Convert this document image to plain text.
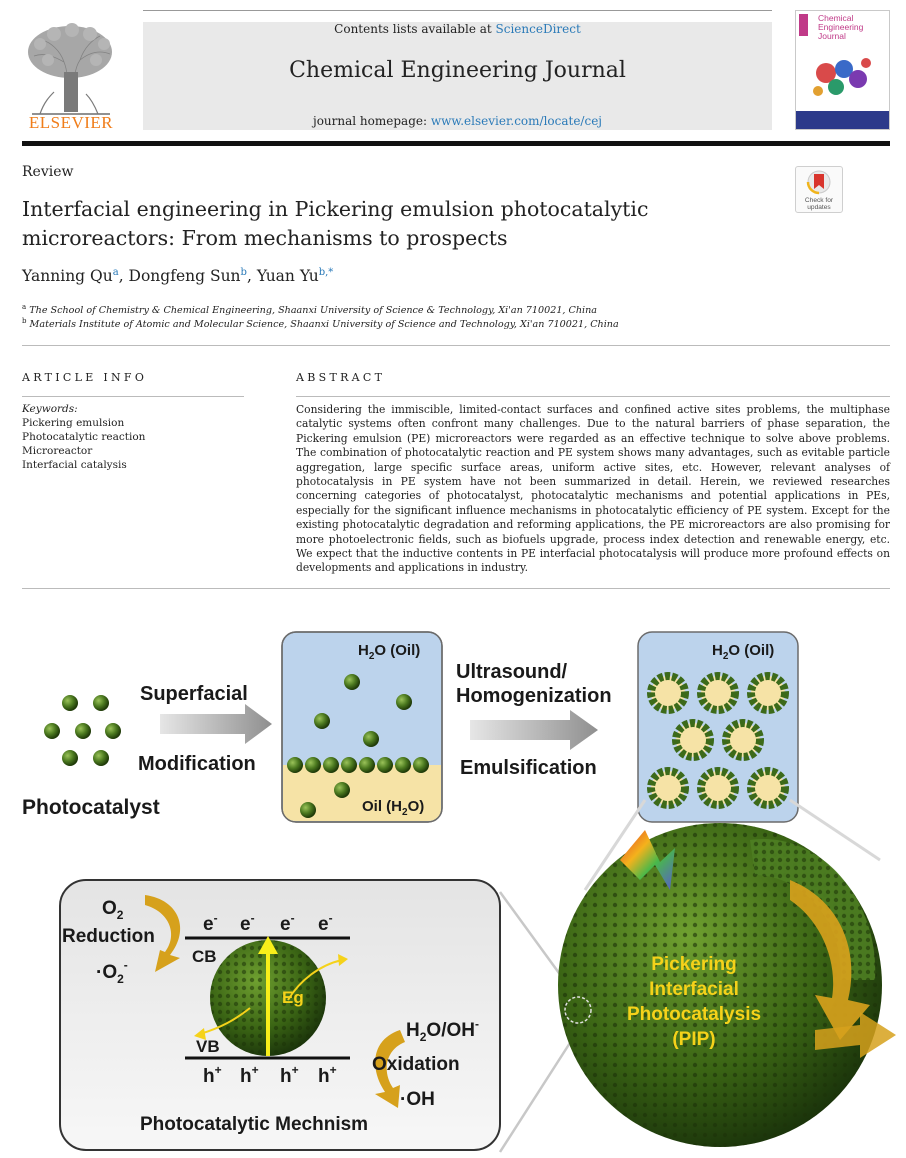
Contents lists available at ScienceDirect
Chemical Engineering Journal
journal homepage: www.elsevier.com/locate/cej
ELSEVIER
Chemical
Engineering
Journal
Review
Interfacial engineering in Pickering emulsion photocatalytic microreactors: From mechanisms to prospects
Check for
updates
Yanning Qu$^a$, Dongfeng Sun$^b$, Yuan $Yu^{b,*}$
$^a$ The School of Chemistry & Chemical Engineering, Shaanxi University of Science & Technology, Xi'an 710021, China
$^b$ Materials Institute of Atomic and Molecular Science, Shaanxi University of Science and Technology, Xi'an 710021, China
ARTICLE INFO
Keywords:
Pickering emulsion
Photocatalytic reaction
Microreactor
Interfacial catalysis
ABSTRACT
Considering the immiscible, limited-contact surfaces and confined active sites problems, the multiphase catalytic systems often confront many challenges. Due to the natural barriers of phase separation, the Pickering emulsion (PE) microreactors were regarded as an effective technique to solve above problems. The combination of photocatalytic reaction and PE system shows many advantages, such as evitable particle aggregation, large specific surface areas, uniform active sites, etc. However, relevant analyses of photocatalysis in PE system have not been summarized in detail. Herein, we reviewed researches concerning categories of photocatalyst, photocatalytic mechanisms and potential applications in PEs, especially for the significant influence mechanisms in photocatalytic efficiency of PE system. Except for the existing photocatalytic degradation and reforming applications, the PE microreactors are also promising for more photoelectronic fields, such as biofuels upgrade, process index detection and renewable energy, etc. We expect that the inductive contents in PE interfacial photocatalysis will produce more profound effects on developments and applications in industry.
Photocatalyst
Superfacial
Modification
$H_2O$ (Oil)
Oil $(H_2O)$
Ultrasound/
Homogenization
Emulsification
$H_2O$ (Oil)
Pickering
Interfacial
Photocatalysis
(PIP)
$O_2$
Reduction
$\cdot O_2^-$
e- e- e- e-
CB
Eg
VB
h+ h+ h+ h+
$H_2O/OH^-$
Oxidation
·OH
Photocatalytic Mechnism
